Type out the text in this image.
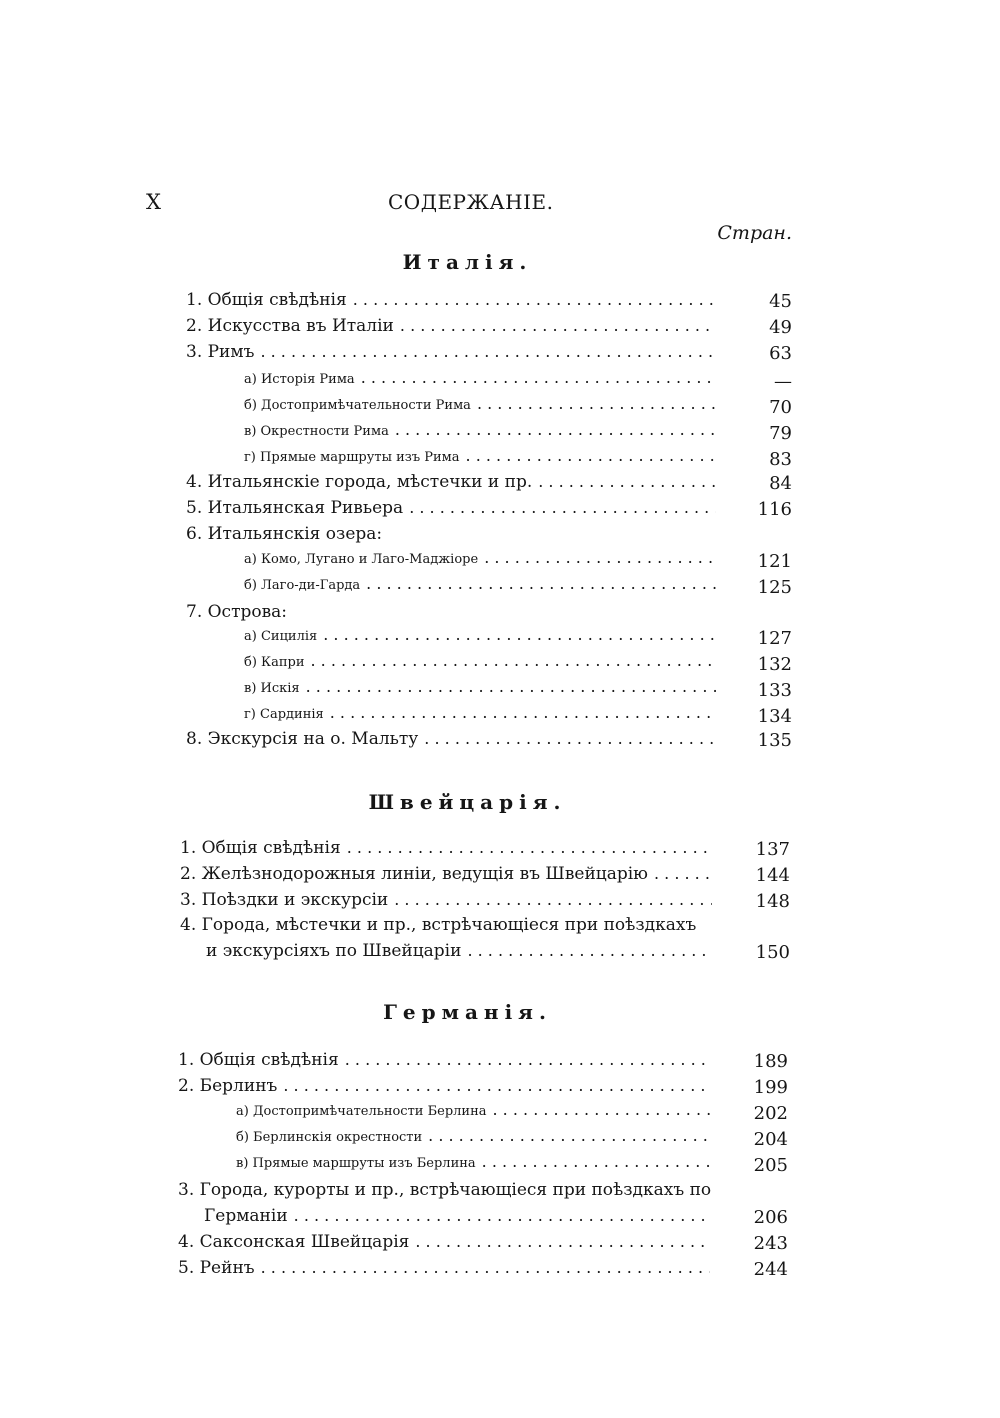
X	СОДЕРЖАНIЕ.
Стран.
Италія.
1. Общія свѣдѣнія . . .	45
2. Искусства въ Италіи . . .	49
3. Римъ . . .	63
а) Исторія Рима . . .	—
б) Достопримѣчательности Рима . . .	70
в) Окрестности Рима . . .	79
г) Прямые маршруты изъ Рима . . .	83
4. Итальянскіе города, мѣстечки и пр. . . .	84
5. Итальянская Ривьера . . .	116
6. Итальянскія озера:
а) Комо, Лугано и Лаго-Маджіоре . . .	121
б) Лаго-ди-Гарда . . .	125
7. Острова:
а) Сицилія . . .	127
б) Капри . . .	132
в) Искія . . .	133
г) Сардинія . . .	134
8. Экскурсія на о. Мальту . . .	135
Швейцарія.
1. Общія свѣдѣнія . . .	137
2. Желѣзнодорожныя линіи, ведущія въ Швейцарію . . .	144
3. Поѣздки и экскурсіи . . .	148
4. Города, мѣстечки и пр., встрѣчающіеся при поѣздкахъ
и экскурсіяхъ по Швейцаріи . . .	150
Германія.
1. Общія свѣдѣнія . . .	189
2. Берлинъ . . .	199
а) Достопримѣчательности Берлина . . .	202
б) Берлинскія окрестности . . .	204
в) Прямые маршруты изъ Берлина . . .	205
3. Города, курорты и пр., встрѣчающіеся при поѣздкахъ по
Германіи . . .	206
4. Саксонская Швейцарія . . .	243
5. Рейнъ . . .	244
